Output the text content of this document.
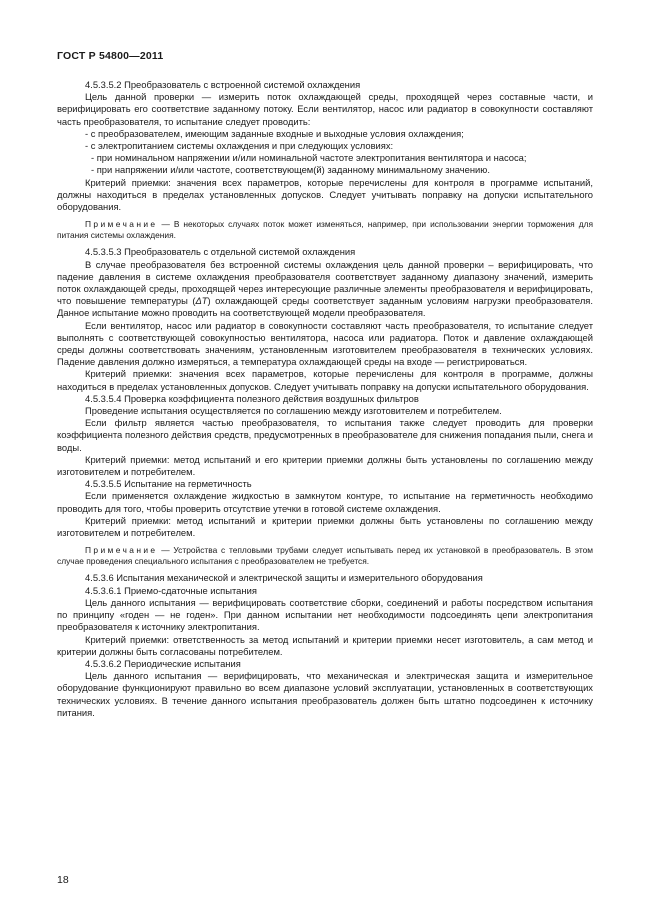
ГОСТ Р 54800—2011

4.5.3.5.2 Преобразователь с встроенной системой охлаждения

Цель данной проверки — измерить поток охлаждающей среды, проходящей через составные части, и верифицировать его соответствие заданному потоку. Если вентилятор, насос или радиатор в совокупности составляют часть преобразователя, то испытание следует проводить:

- с преобразователем, имеющим заданные входные и выходные условия охлаждения;

- с электропитанием системы охлаждения и при следующих условиях:

- при номинальном напряжении и/или номинальной частоте электропитания вентилятора и насоса;

- при напряжении и/или частоте, соответствующем(й) заданному минимальному значению.

Критерий приемки: значения всех параметров, которые перечислены для контроля в программе испытаний, должны находиться в пределах установленных допусков. Следует учитывать поправку на допуски испытательного оборудования.

Примечание — В некоторых случаях поток может изменяться, например, при использовании энергии торможения для питания системы охлаждения.

4.5.3.5.3 Преобразователь с отдельной системой охлаждения

В случае преобразователя без встроенной системы охлаждения цель данной проверки – верифицировать, что падение давления в системе охлаждения преобразователя соответствует заданному диапазону значений, измерить поток охлаждающей среды, проходящей через интересующие различные элементы преобразователя и верифицировать, что повышение температуры (ΔT) охлаждающей среды соответствует заданным условиям нагрузки преобразователя. Данное испытание можно проводить на соответствующей модели преобразователя.

Если вентилятор, насос или радиатор в совокупности составляют часть преобразователя, то испытание следует выполнять с соответствующей совокупностью вентилятора, насоса или радиатора. Поток и давление охлаждающей среды должны соответствовать значениям, установленным изготовителем преобразователя в технических условиях. Падение давления должно измеряться, а температура охлаждающей среды на входе — регистрироваться.

Критерий приемки: значения всех параметров, которые перечислены для контроля в программе, должны находиться в пределах установленных допусков. Следует учитывать поправку на допуски испытательного оборудования.

4.5.3.5.4 Проверка коэффициента полезного действия воздушных фильтров

Проведение испытания осуществляется по соглашению между изготовителем и потребителем.

Если фильтр является частью преобразователя, то испытания также следует проводить для проверки коэффициента полезного действия средств, предусмотренных в преобразователе для снижения попадания пыли, снега и воды.

Критерий приемки: метод испытаний и его критерии приемки должны быть установлены по соглашению между изготовителем и потребителем.

4.5.3.5.5 Испытание на герметичность

Если применяется охлаждение жидкостью в замкнутом контуре, то испытание на герметичность необходимо проводить для того, чтобы проверить отсутствие утечки в готовой системе охлаждения.

Критерий приемки: метод испытаний и критерии приемки должны быть установлены по соглашению между изготовителем и потребителем.

Примечание — Устройства с тепловыми трубами следует испытывать перед их установкой в преобразователь. В этом случае проведения специального испытания с преобразователем не требуется.

4.5.3.6 Испытания механической и электрической защиты и измерительного оборудования

4.5.3.6.1 Приемо-сдаточные испытания

Цель данного испытания — верифицировать соответствие сборки, соединений и работы посредством испытания по принципу «годен — не годен». При данном испытании нет необходимости подсоединять цепи электропитания преобразователя к источнику электропитания.

Критерий приемки: ответственность за метод испытаний и критерии приемки несет изготовитель, а сам метод и критерии должны быть согласованы потребителем.

4.5.3.6.2 Периодические испытания

Цель данного испытания — верифицировать, что механическая и электрическая защита и измерительное оборудование функционируют правильно во всем диапазоне условий эксплуатации, установленных в соответствующих технических условиях. В течение данного испытания преобразователь должен быть штатно подсоединен к источнику питания.

18
